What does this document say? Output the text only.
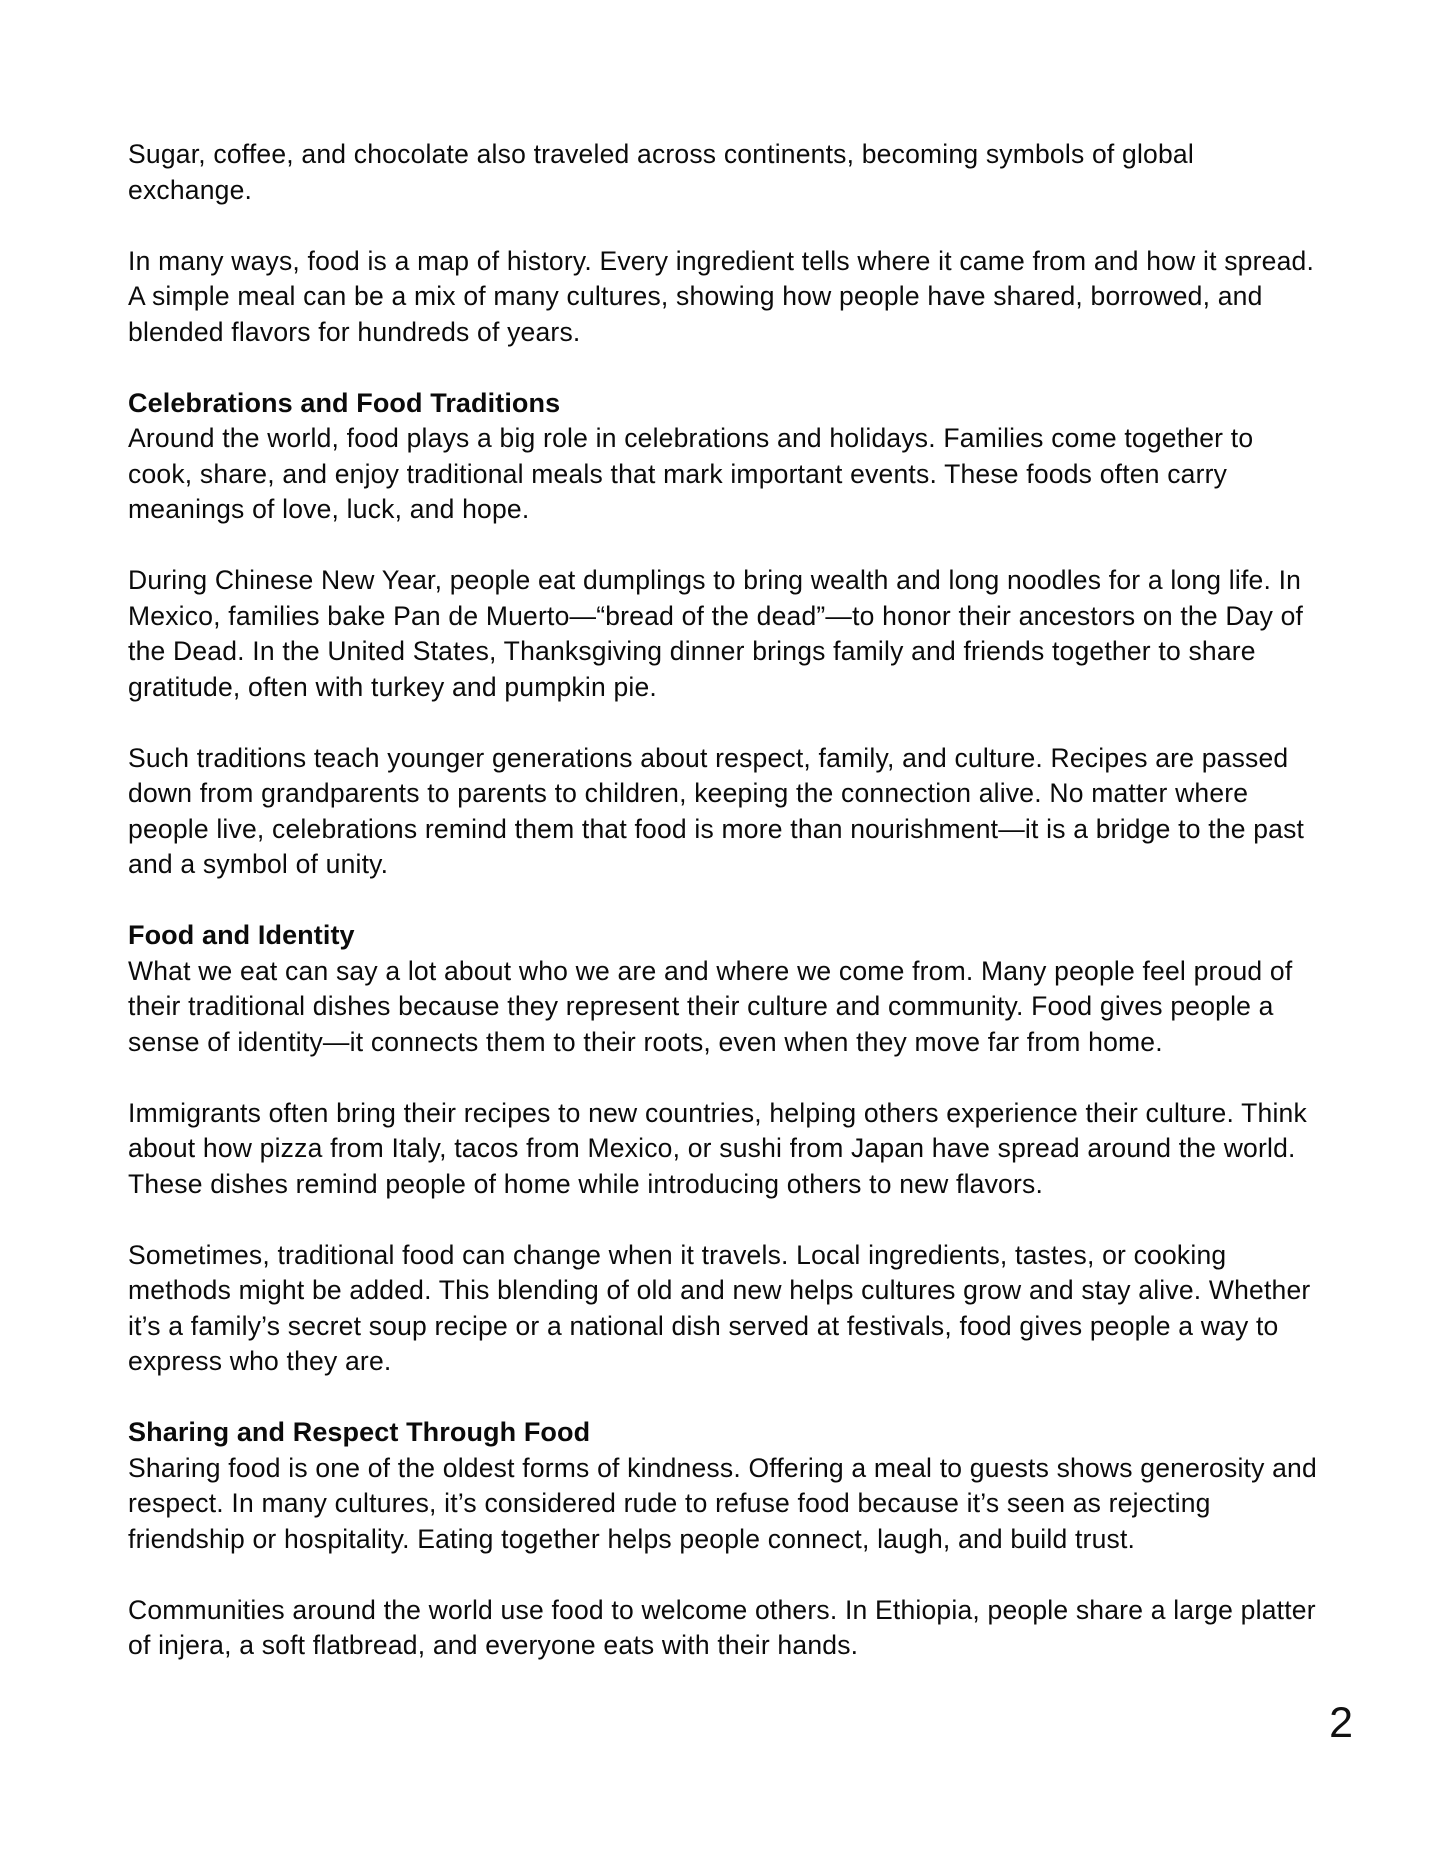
Sugar, coffee, and chocolate also traveled across continents, becoming symbols of global exchange.

In many ways, food is a map of history. Every ingredient tells where it came from and how it spread. A simple meal can be a mix of many cultures, showing how people have shared, borrowed, and blended flavors for hundreds of years.

Celebrations and Food Traditions

Around the world, food plays a big role in celebrations and holidays. Families come together to cook, share, and enjoy traditional meals that mark important events. These foods often carry meanings of love, luck, and hope.

During Chinese New Year, people eat dumplings to bring wealth and long noodles for a long life. In Mexico, families bake Pan de Muerto—“bread of the dead”—to honor their ancestors on the Day of the Dead. In the United States, Thanksgiving dinner brings family and friends together to share gratitude, often with turkey and pumpkin pie.

Such traditions teach younger generations about respect, family, and culture. Recipes are passed down from grandparents to parents to children, keeping the connection alive. No matter where people live, celebrations remind them that food is more than nourishment—it is a bridge to the past and a symbol of unity.

Food and Identity

What we eat can say a lot about who we are and where we come from. Many people feel proud of their traditional dishes because they represent their culture and community. Food gives people a sense of identity—it connects them to their roots, even when they move far from home.

Immigrants often bring their recipes to new countries, helping others experience their culture. Think about how pizza from Italy, tacos from Mexico, or sushi from Japan have spread around the world. These dishes remind people of home while introducing others to new flavors.

Sometimes, traditional food can change when it travels. Local ingredients, tastes, or cooking methods might be added. This blending of old and new helps cultures grow and stay alive. Whether it’s a family’s secret soup recipe or a national dish served at festivals, food gives people a way to express who they are.

Sharing and Respect Through Food

Sharing food is one of the oldest forms of kindness. Offering a meal to guests shows generosity and respect. In many cultures, it’s considered rude to refuse food because it’s seen as rejecting friendship or hospitality. Eating together helps people connect, laugh, and build trust.

Communities around the world use food to welcome others. In Ethiopia, people share a large platter of injera, a soft flatbread, and everyone eats with their hands.

2
